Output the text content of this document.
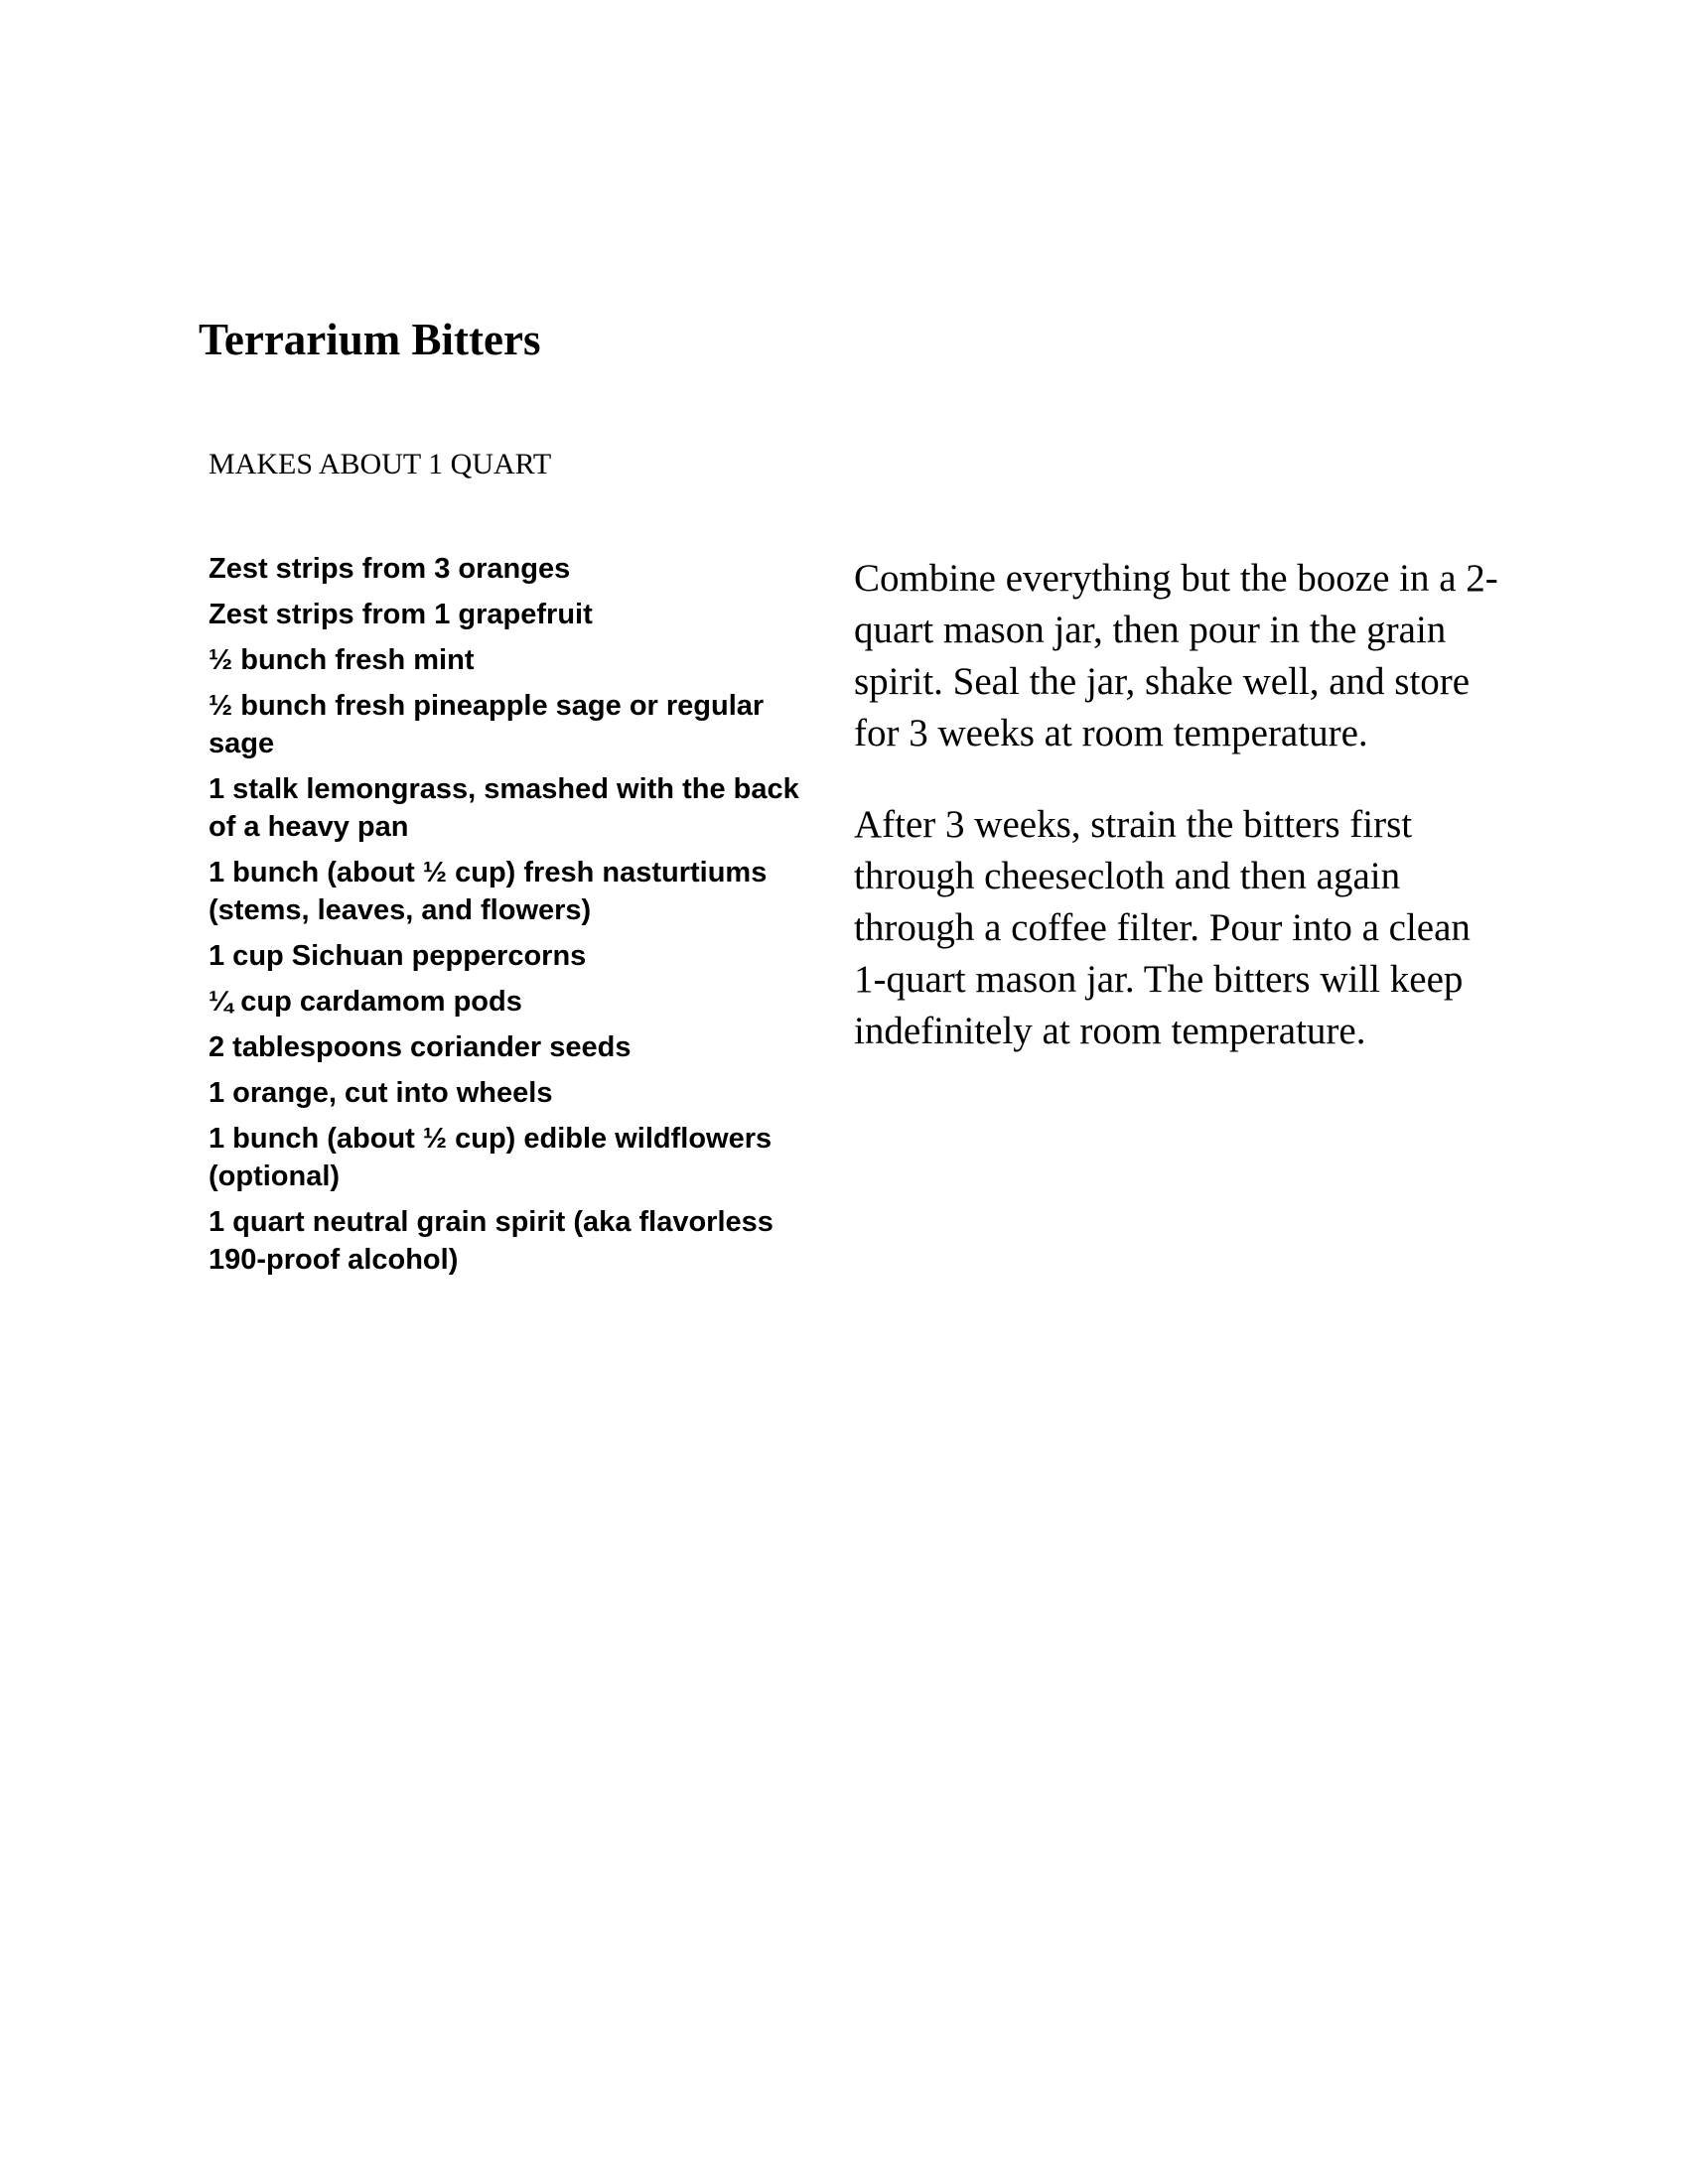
Terrarium Bitters
MAKES ABOUT 1 QUART
Zest strips from 3 oranges
Zest strips from 1 grapefruit
½ bunch fresh mint
½ bunch fresh pineapple sage or regular sage
1 stalk lemongrass, smashed with the back of a heavy pan
1 bunch (about ½ cup) fresh nasturtiums (stems, leaves, and flowers)
1 cup Sichuan peppercorns
¼ cup cardamom pods
2 tablespoons coriander seeds
1 orange, cut into wheels
1 bunch (about ½ cup) edible wildflowers (optional)
1 quart neutral grain spirit (aka flavorless 190-proof alcohol)

Combine everything but the booze in a 2-quart mason jar, then pour in the grain spirit. Seal the jar, shake well, and store for 3 weeks at room temperature.

After 3 weeks, strain the bitters first through cheesecloth and then again through a coffee filter. Pour into a clean 1-quart mason jar. The bitters will keep indefinitely at room temperature.
